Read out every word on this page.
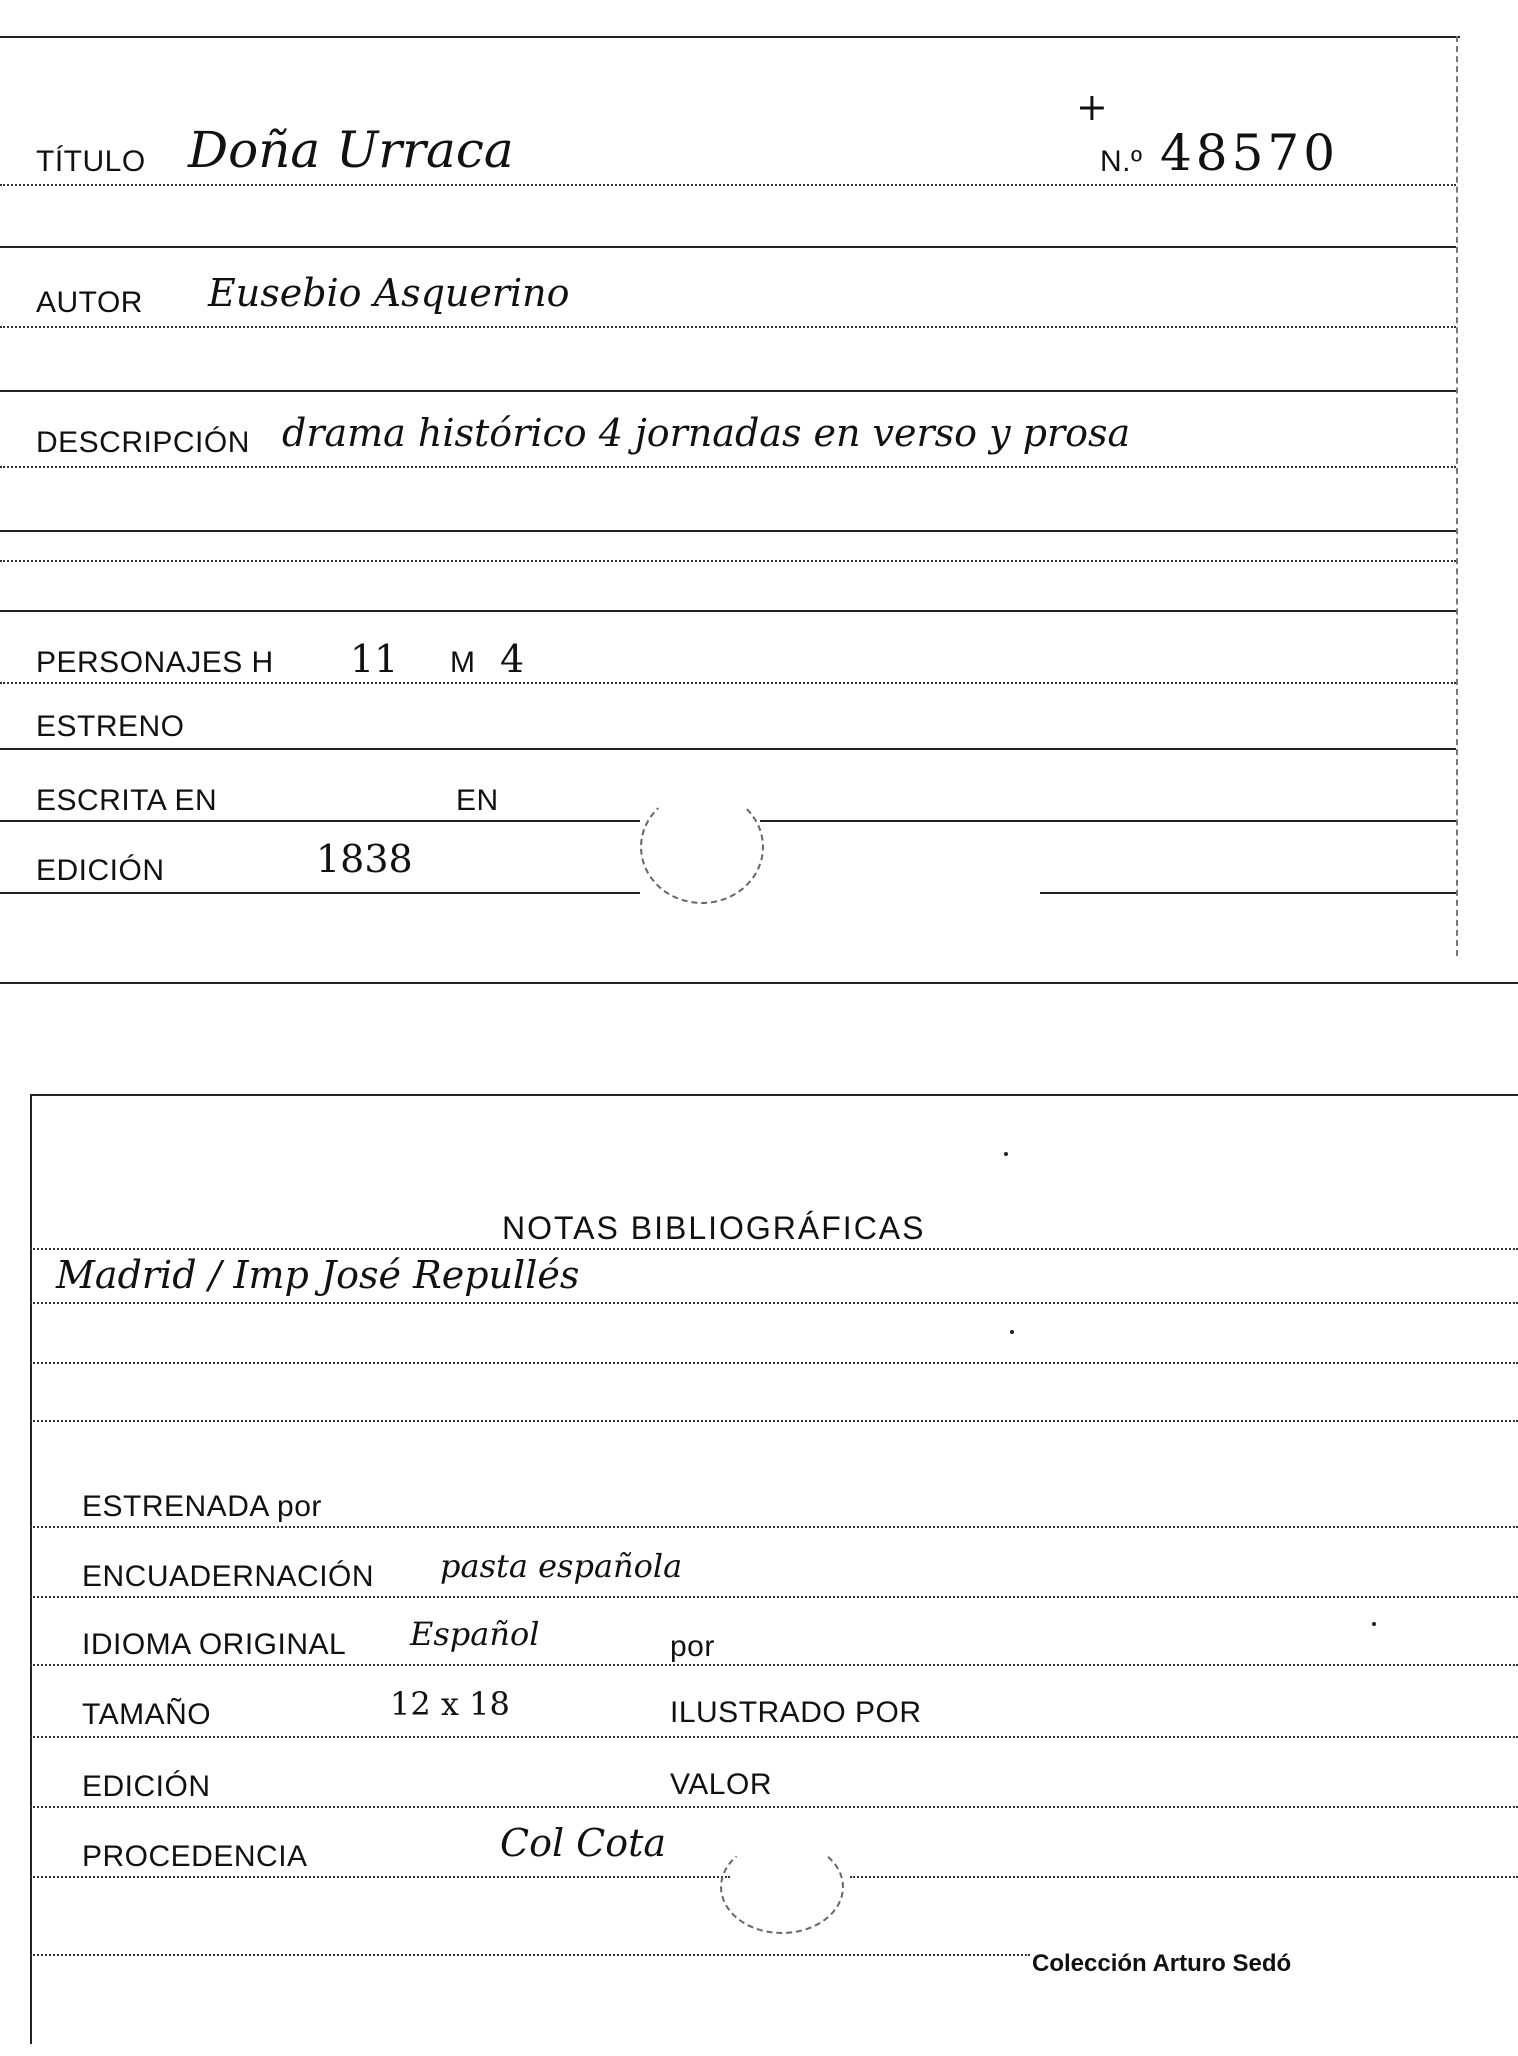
TÍTULO Doña Urraca
+
N.º 48570
AUTOR Eusebio Asquerino
DESCRIPCIÓN drama histórico 4 jornadas en verso y prosa
PERSONAJES H 11 M 4
ESTRENO
ESCRITA EN	EN
EDICIÓN	1838
NOTAS BIBLIOGRÁFICAS
Madrid / Imp José Repullés
ESTRENADA por
ENCUADERNACIÓN pasta española
IDIOMA ORIGINAL Español	por
TAMAÑO	12 x 18	ILUSTRADO POR
EDICIÓN	VALOR
PROCEDENCIA	Col Cota
Colección Arturo Sedó
